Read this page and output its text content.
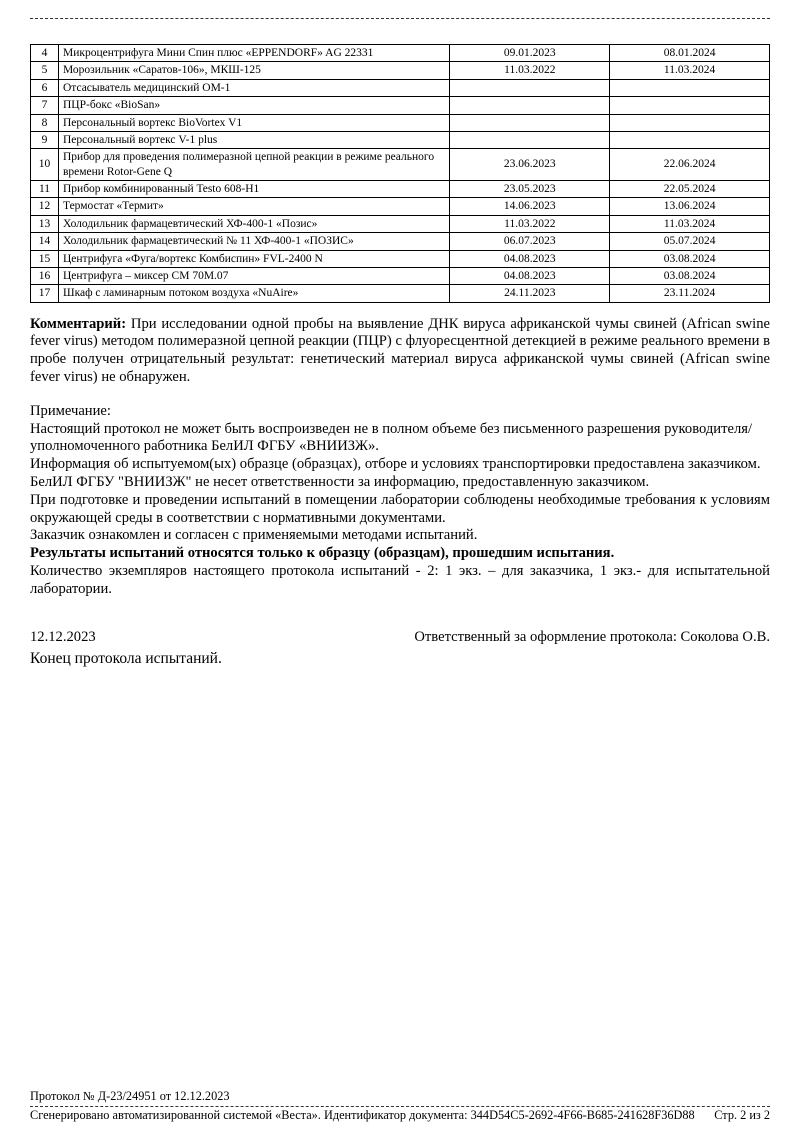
4	Микроцентрифуга Мини Спин плюс «EPPENDORF» AG 22331	09.01.2023	08.01.2024
5	Морозильник «Саратов-106», МКШ-125	11.03.2022	11.03.2024
6	Отсасыватель медицинский ОМ-1		
7	ПЦР-бокс «BioSan»		
8	Персональный вортекс BioVortex V1		
9	Персональный вортекс V-1 plus		
10	Прибор для проведения полимеразной цепной реакции в режиме реального времени Rotor-Gene Q	23.06.2023	22.06.2024
11	Прибор комбинированный Testo 608-H1	23.05.2023	22.05.2024
12	Термостат «Термит»	14.06.2023	13.06.2024
13	Холодильник фармацевтический ХФ-400-1 «Позис»	11.03.2022	11.03.2024
14	Холодильник фармацевтический № 11 ХФ-400-1 «ПОЗИС»	06.07.2023	05.07.2024
15	Центрифуга «Фуга/вортекс Комбиспин» FVL-2400 N	04.08.2023	03.08.2024
16	Центрифуга – миксер СМ 70М.07	04.08.2023	03.08.2024
17	Шкаф с ламинарным потоком воздуха «NuAire»	24.11.2023	23.11.2024

Комментарий: При исследовании одной пробы на выявление ДНК вируса африканской чумы свиней (African swine fever virus) методом полимеразной цепной реакции (ПЦР) с флуоресцентной детекцией в режиме реального времени в пробе получен отрицательный результат: генетический материал вируса африканской чумы свиней (African swine fever virus) не обнаружен.

Примечание:

Настоящий протокол не может быть воспроизведен не в полном объеме без письменного разрешения руководителя/уполномоченного работника БелИЛ ФГБУ «ВНИИЗЖ».

Информация об испытуемом(ых) образце (образцах), отборе и условиях транспортировки предоставлена заказчиком.

БелИЛ ФГБУ "ВНИИЗЖ" не несет ответственности за информацию, предоставленную заказчиком.

При подготовке и проведении испытаний в помещении лаборатории соблюдены необходимые требования к условиям окружающей среды в соответствии с нормативными документами.

Заказчик ознакомлен и согласен с применяемыми методами испытаний.

Результаты испытаний относятся только к образцу (образцам), прошедшим испытания.

Количество экземпляров настоящего протокола испытаний - 2: 1 экз. – для заказчика, 1 экз.- для испытательной лаборатории.

12.12.2023	Ответственный за оформление протокола: Соколова О.В.
Конец протокола испытаний.
Протокол № Д-23/24951 от 12.12.2023
Сгенерировано автоматизированной системой «Веста». Идентификатор документа: 344D54C5-2692-4F66-B685-241628F36D88 Стр. 2 из 2
